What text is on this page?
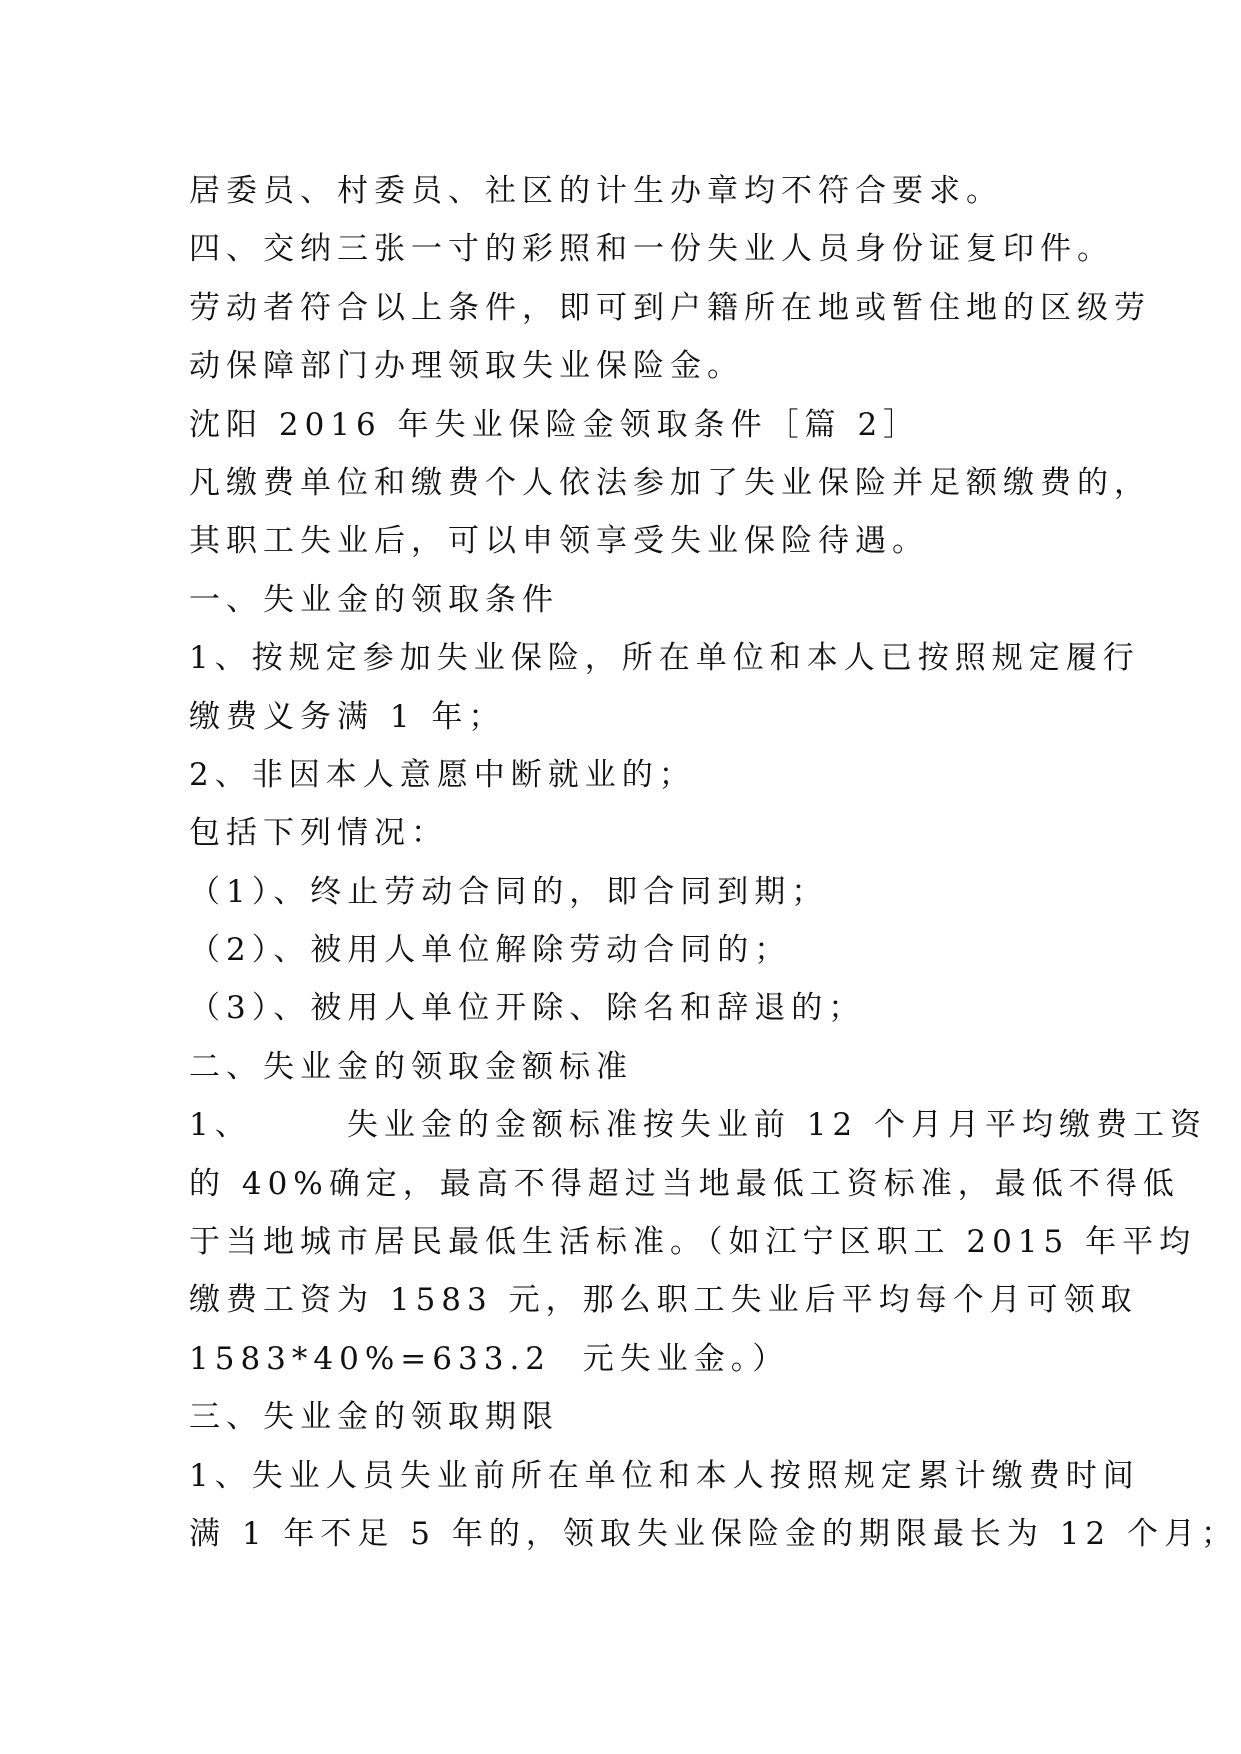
居委员、村委员、社区的计生办章均不符合要求。
四、交纳三张一寸的彩照和一份失业人员身份证复印件。
劳动者符合以上条件，即可到户籍所在地或暂住地的区级劳
动保障部门办理领取失业保险金。
沈阳 2016 年失业保险金领取条件［篇 2］
凡缴费单位和缴费个人依法参加了失业保险并足额缴费的，
其职工失业后，可以申领享受失业保险待遇。
一、失业金的领取条件
1、按规定参加失业保险，所在单位和本人已按照规定履行
缴费义务满 1 年；
2、非因本人意愿中断就业的；
包括下列情况：
（1）、终止劳动合同的，即合同到期；
（2）、被用人单位解除劳动合同的；
（3）、被用人单位开除、除名和辞退的；
二、失业金的领取金额标准
1、      失业金的金额标准按失业前 12 个月月平均缴费工资
的 40%确定，最高不得超过当地最低工资标准，最低不得低
于当地城市居民最低生活标准。（如江宁区职工 2015 年平均
缴费工资为 1583 元，那么职工失业后平均每个月可领取
1583*40%=633.2  元失业金。）
三、失业金的领取期限
1、失业人员失业前所在单位和本人按照规定累计缴费时间
满 1 年不足 5 年的，领取失业保险金的期限最长为 12 个月；
